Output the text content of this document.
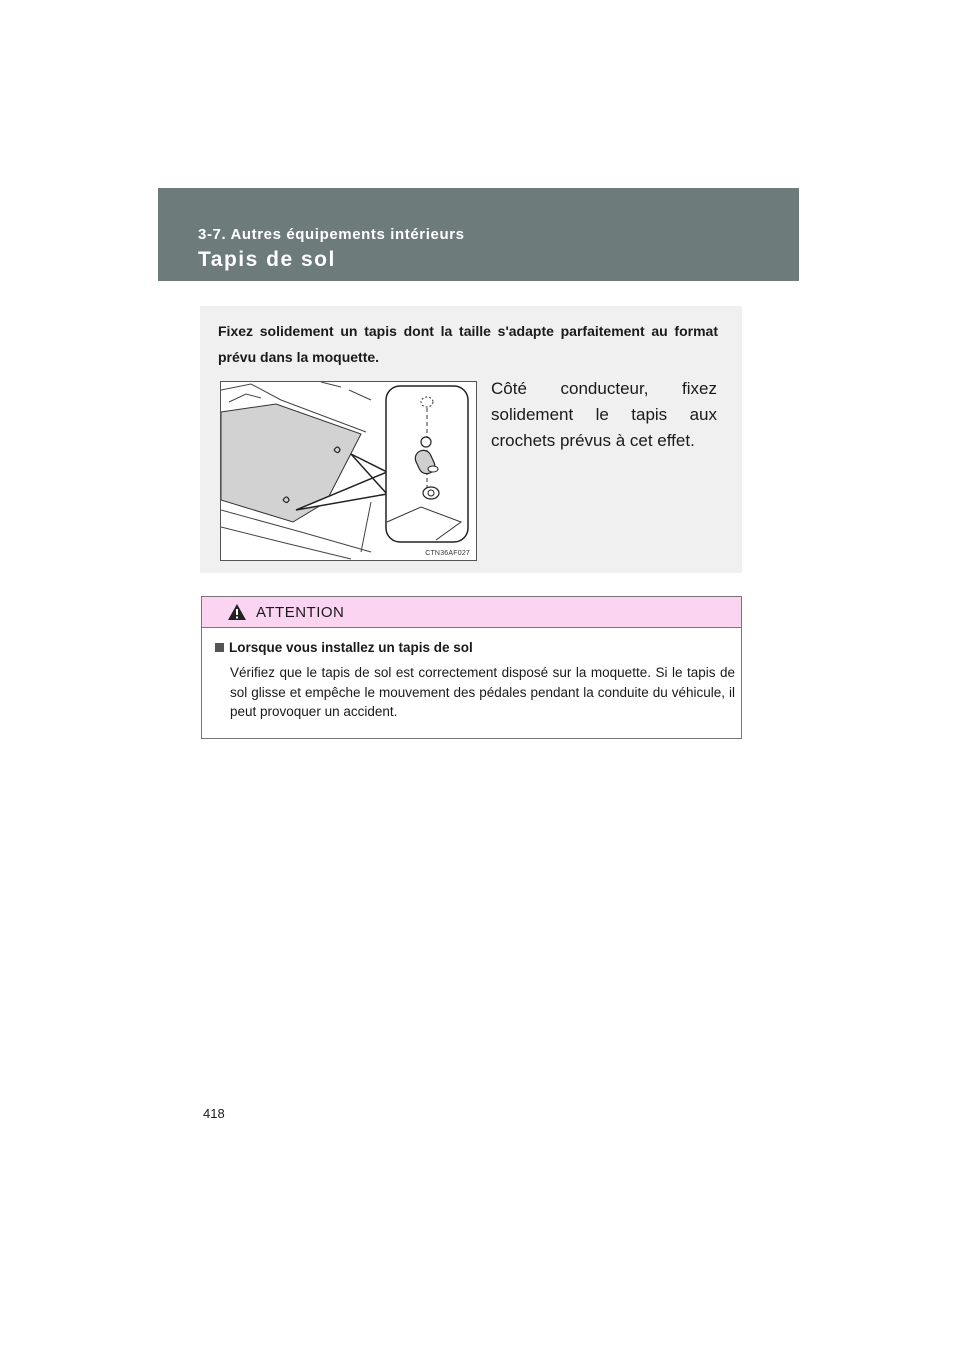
3-7. Autres équipements intérieurs
Tapis de sol
Fixez solidement un tapis dont la taille s'adapte parfaitement au format prévu dans la moquette.
CTN36AF027
Côté conducteur, fixez solidement le tapis aux crochets prévus à cet effet.
ATTENTION
Lorsque vous installez un tapis de sol
Vérifiez que le tapis de sol est correctement disposé sur la moquette. Si le tapis de sol glisse et empêche le mouvement des pédales pendant la conduite du véhicule, il peut provoquer un accident.
418
